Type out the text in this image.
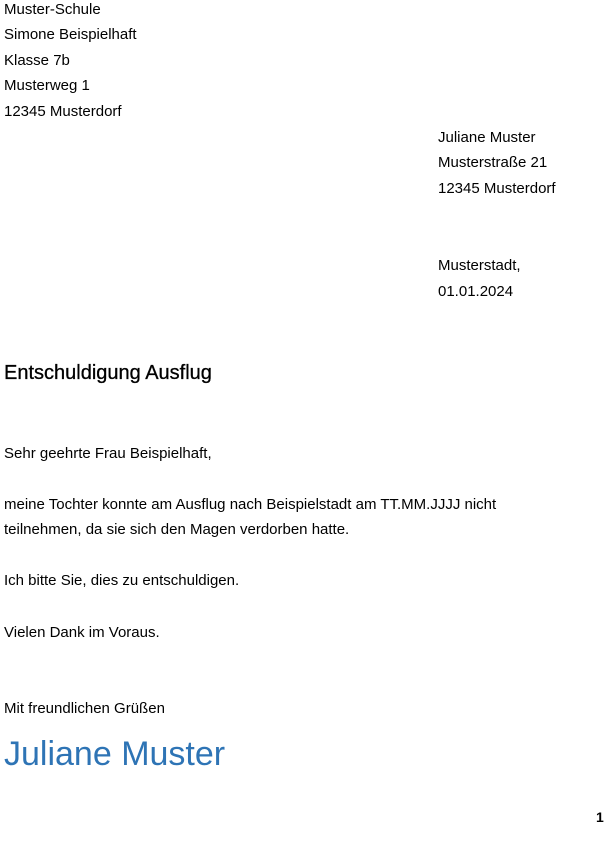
Muster-Schule

Simone Beispielhaft

Klasse 7b

Musterweg 1

12345 Musterdorf

Juliane Muster

Musterstraße 21

12345 Musterdorf

Musterstadt,

01.01.2024

Entschuldigung Ausflug

Sehr geehrte Frau Beispielhaft,

meine Tochter konnte am Ausflug nach Beispielstadt am TT.MM.JJJJ nicht

teilnehmen, da sie sich den Magen verdorben hatte.

Ich bitte Sie, dies zu entschuldigen.

Vielen Dank im Voraus.

Mit freundlichen Grüßen

Juliane Muster

1
